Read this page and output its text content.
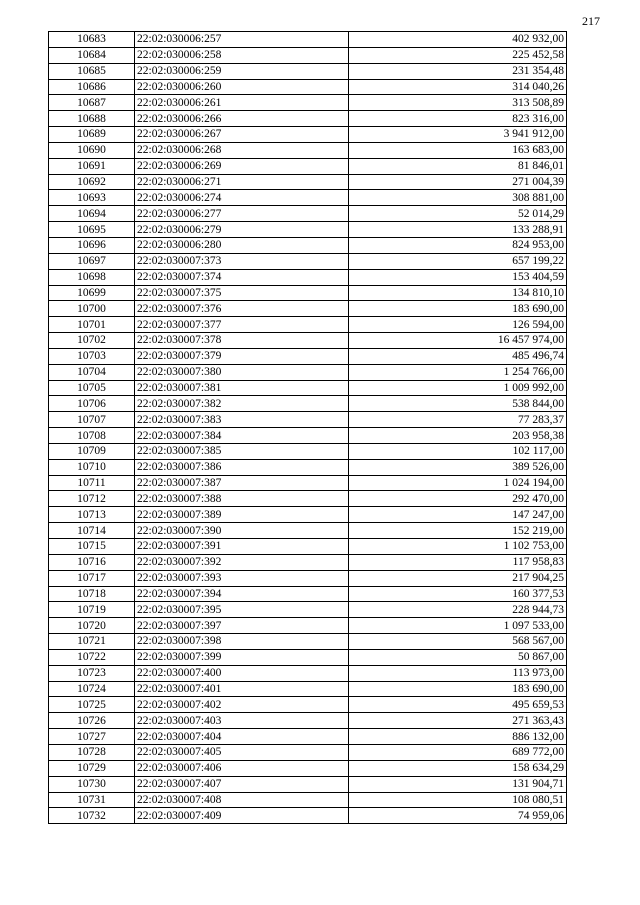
217
10683	22:02:030006:257	402 932,00
10684	22:02:030006:258	225 452,58
10685	22:02:030006:259	231 354,48
10686	22:02:030006:260	314 040,26
10687	22:02:030006:261	313 508,89
10688	22:02:030006:266	823 316,00
10689	22:02:030006:267	3 941 912,00
10690	22:02:030006:268	163 683,00
10691	22:02:030006:269	81 846,01
10692	22:02:030006:271	271 004,39
10693	22:02:030006:274	308 881,00
10694	22:02:030006:277	52 014,29
10695	22:02:030006:279	133 288,91
10696	22:02:030006:280	824 953,00
10697	22:02:030007:373	657 199,22
10698	22:02:030007:374	153 404,59
10699	22:02:030007:375	134 810,10
10700	22:02:030007:376	183 690,00
10701	22:02:030007:377	126 594,00
10702	22:02:030007:378	16 457 974,00
10703	22:02:030007:379	485 496,74
10704	22:02:030007:380	1 254 766,00
10705	22:02:030007:381	1 009 992,00
10706	22:02:030007:382	538 844,00
10707	22:02:030007:383	77 283,37
10708	22:02:030007:384	203 958,38
10709	22:02:030007:385	102 117,00
10710	22:02:030007:386	389 526,00
10711	22:02:030007:387	1 024 194,00
10712	22:02:030007:388	292 470,00
10713	22:02:030007:389	147 247,00
10714	22:02:030007:390	152 219,00
10715	22:02:030007:391	1 102 753,00
10716	22:02:030007:392	117 958,83
10717	22:02:030007:393	217 904,25
10718	22:02:030007:394	160 377,53
10719	22:02:030007:395	228 944,73
10720	22:02:030007:397	1 097 533,00
10721	22:02:030007:398	568 567,00
10722	22:02:030007:399	50 867,00
10723	22:02:030007:400	113 973,00
10724	22:02:030007:401	183 690,00
10725	22:02:030007:402	495 659,53
10726	22:02:030007:403	271 363,43
10727	22:02:030007:404	886 132,00
10728	22:02:030007:405	689 772,00
10729	22:02:030007:406	158 634,29
10730	22:02:030007:407	131 904,71
10731	22:02:030007:408	108 080,51
10732	22:02:030007:409	74 959,06
